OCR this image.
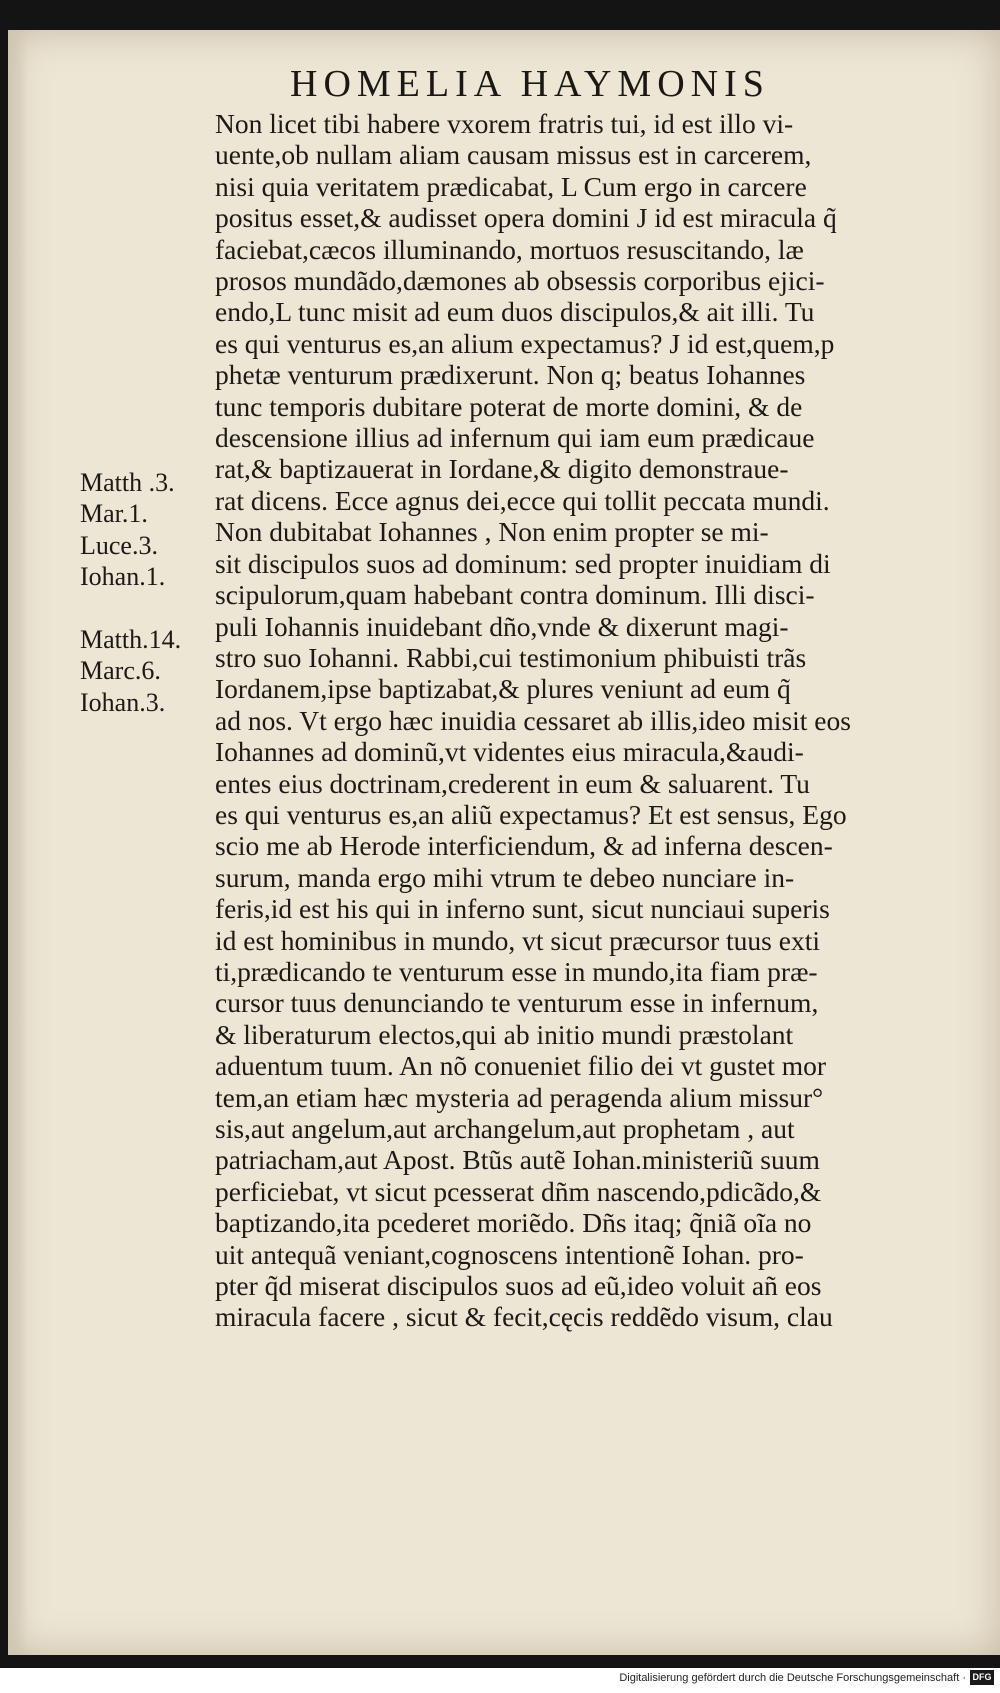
HOMELIA HAYMONIS
Non licet tibi habere vxorem fratris tui, id est illo vi-
uente,ob nullam aliam causam missus est in carcerem,
nisi quia veritatem prædicabat, L Cum ergo in carcere
positus esset,& audisset opera domini J id est miracula q̃
faciebat,cæcos illuminando, mortuos resuscitando, læ
prosos mundãdo,dæmones ab obsessis corporibus ejici-
endo,L tunc misit ad eum duos discipulos,& ait illi. Tu
es qui venturus es,an alium expectamus? J id est,quem,p
phetæ venturum prædixerunt. Non q; beatus Iohannes
tunc temporis dubitare poterat de morte domini, & de
descensione illius ad infernum qui iam eum prædicaue
rat,& baptizauerat in Iordane,& digito demonstraue-
rat dicens. Ecce agnus dei,ecce qui tollit peccata mundi.
Non dubitabat Iohannes , Non enim propter se mi-
sit discipulos suos ad dominum: sed propter inuidiam di
scipulorum,quam habebant contra dominum. Illi disci-
puli Iohannis inuidebant dño,vnde & dixerunt magi-
stro suo Iohanni. Rabbi,cui testimonium phibuisti trãs
Iordanem,ipse baptizabat,& plures veniunt ad eum q̃
ad nos. Vt ergo hæc inuidia cessaret ab illis,ideo misit eos
Iohannes ad dominũ,vt videntes eius miracula,&audi-
entes eius doctrinam,crederent in eum & saluarent. Tu
es qui venturus es,an aliũ expectamus? Et est sensus, Ego
scio me ab Herode interficiendum, & ad inferna descen-
surum, manda ergo mihi vtrum te debeo nunciare in-
feris,id est his qui in inferno sunt, sicut nunciaui superis
id est hominibus in mundo, vt sicut præcursor tuus exti
ti,prædicando te venturum esse in mundo,ita fiam præ-
cursor tuus denunciando te venturum esse in infernum,
& liberaturum electos,qui ab initio mundi præstolant
aduentum tuum. An nõ conueniet filio dei vt gustet mor
tem,an etiam hæc mysteria ad peragenda alium missur°
sis,aut angelum,aut archangelum,aut prophetam , aut
patriacham,aut Apost. Btũs autẽ Iohan.ministeriũ suum
perficiebat, vt sicut pcesserat dñm nascendo,pdicãdo,&
baptizando,ita pcederet moriẽdo. Dñs itaq; q̃niã oĩa no
uit antequã veniant,cognoscens intentionẽ Iohan. pro-
pter q̃d miserat discipulos suos ad eũ,ideo voluit añ eos
miracula facere , sicut & fecit,cęcis reddẽdo visum, clau
Matth .3.
Mar.1.
Luce.3.
Iohan.1.
Matth.14.
Marc.6.
Iohan.3.
Digitalisierung gefördert durch die Deutsche Forschungsgemeinschaft · DFG
